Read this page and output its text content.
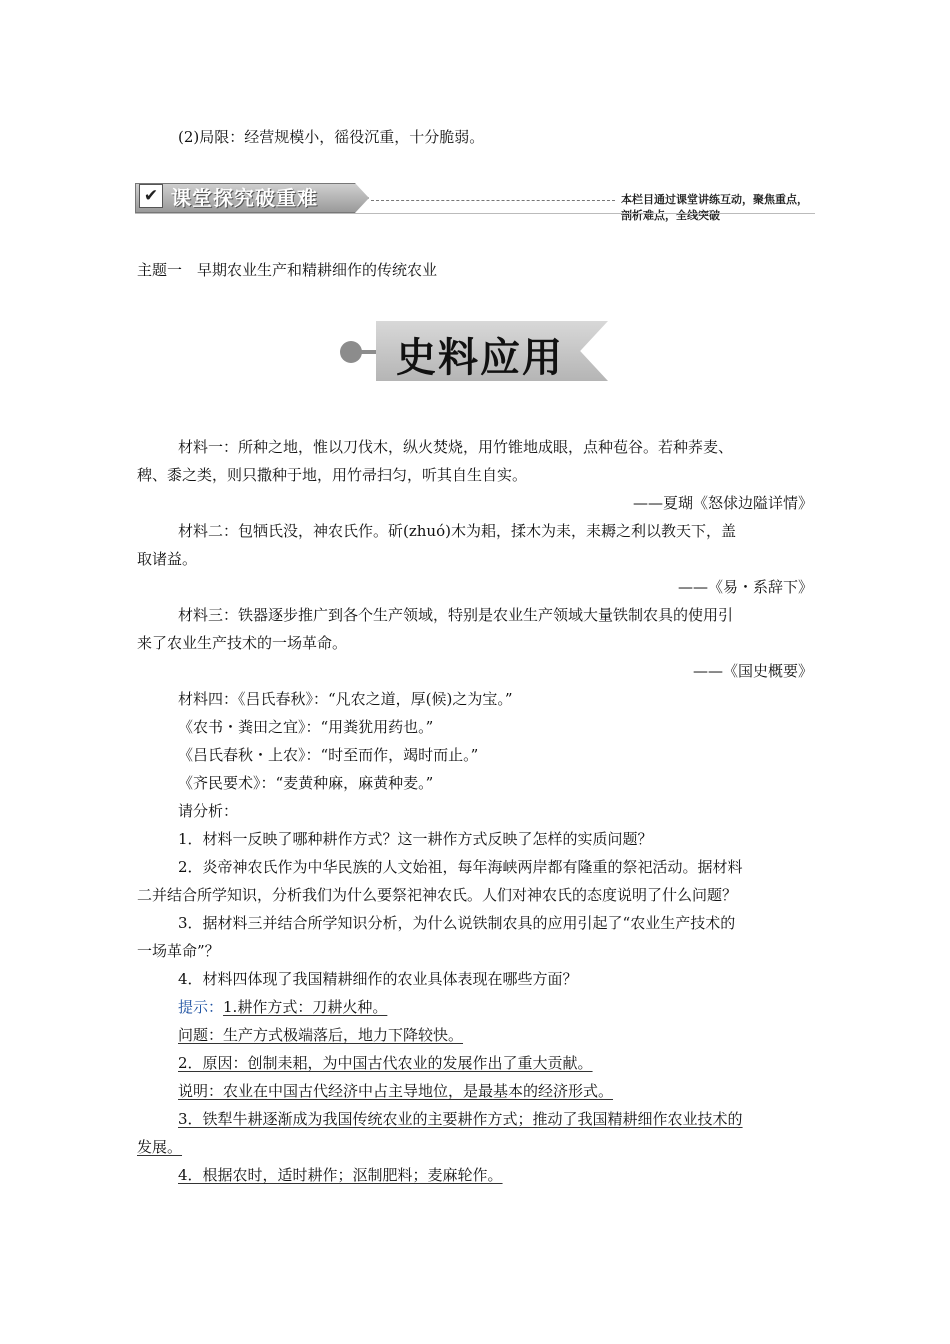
(2)局限：经营规模小，徭役沉重，十分脆弱。
✔ 课堂探究破重难	本栏目通过课堂讲练互动，聚焦重点，剖析难点，全线突破
主题一　早期农业生产和精耕细作的传统农业
史料应用
材料一：所种之地，惟以刀伐木，纵火焚烧，用竹锥地成眼，点种苞谷。若种荞麦、
稗、黍之类，则只撒种于地，用竹帚扫匀，听其自生自实。
——夏瑚《怒俅边隘详情》
材料二：包牺氏没，神农氏作。斫(zhuó)木为耜，揉木为耒，耒耨之利以教天下，盖
取诸益。
——《易・系辞下》
材料三：铁器逐步推广到各个生产领域，特别是农业生产领域大量铁制农具的使用引
来了农业生产技术的一场革命。
——《国史概要》
材料四：《吕氏春秋》：“凡农之道，厚(候)之为宝。”
《农书・粪田之宜》：“用粪犹用药也。”
《吕氏春秋・上农》：“时至而作，竭时而止。”
《齐民要术》：“麦黄种麻，麻黄种麦。”
请分析：
1．材料一反映了哪种耕作方式？这一耕作方式反映了怎样的实质问题？
2．炎帝神农氏作为中华民族的人文始祖，每年海峡两岸都有隆重的祭祀活动。据材料
二并结合所学知识，分析我们为什么要祭祀神农氏。人们对神农氏的态度说明了什么问题？
3．据材料三并结合所学知识分析，为什么说铁制农具的应用引起了“农业生产技术的
一场革命”？
4．材料四体现了我国精耕细作的农业具体表现在哪些方面？
提示：1.耕作方式：刀耕火种。
问题：生产方式极端落后，地力下降较快。
2．原因：创制耒耜，为中国古代农业的发展作出了重大贡献。
说明：农业在中国古代经济中占主导地位，是最基本的经济形式。
3．铁犁牛耕逐渐成为我国传统农业的主要耕作方式；推动了我国精耕细作农业技术的
发展。
4．根据农时，适时耕作；沤制肥料；麦麻轮作。
